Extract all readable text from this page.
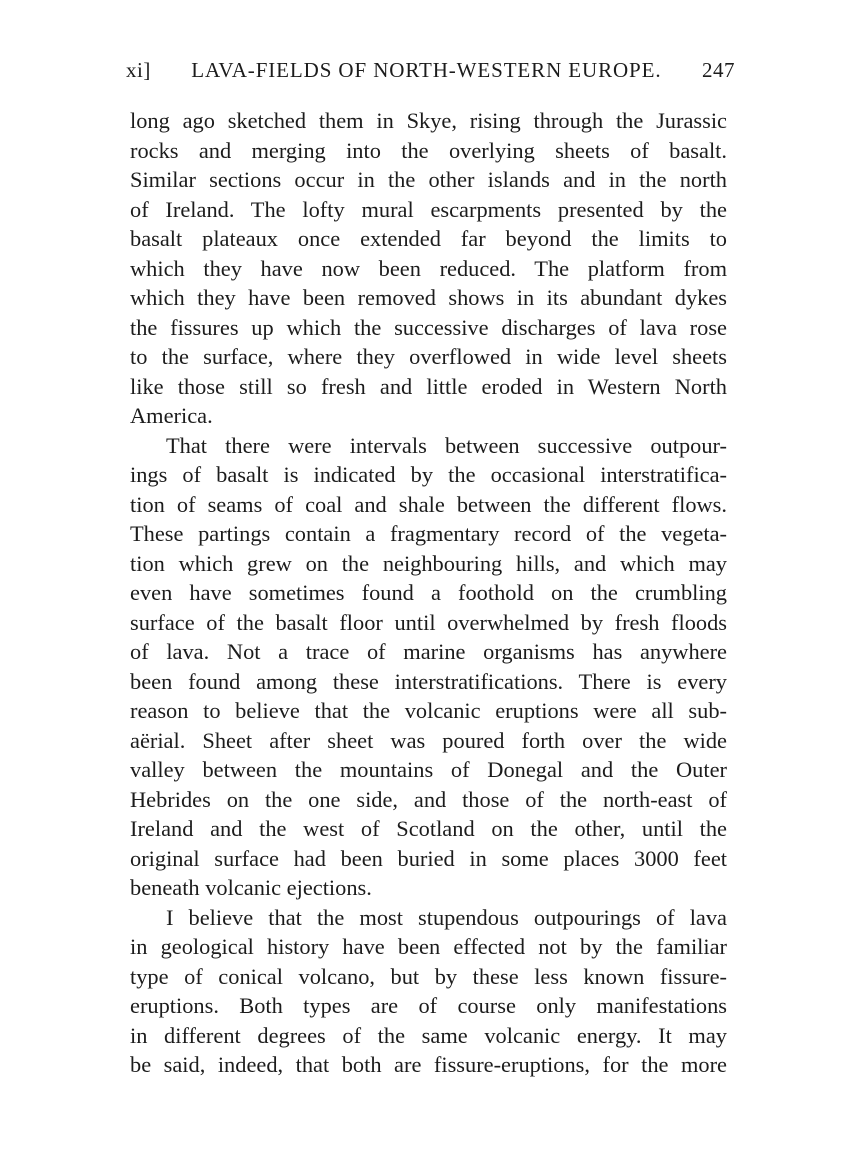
xi] LAVA-FIELDS OF NORTH-WESTERN EUROPE. 247

long ago sketched them in Skye, rising through the Jurassic
rocks and merging into the overlying sheets of basalt.
Similar sections occur in the other islands and in the north
of Ireland. The lofty mural escarpments presented by the
basalt plateaux once extended far beyond the limits to
which they have now been reduced. The platform from
which they have been removed shows in its abundant dykes
the fissures up which the successive discharges of lava rose
to the surface, where they overflowed in wide level sheets
like those still so fresh and little eroded in Western North
America.

That there were intervals between successive outpour-
ings of basalt is indicated by the occasional interstratifica-
tion of seams of coal and shale between the different flows.
These partings contain a fragmentary record of the vegeta-
tion which grew on the neighbouring hills, and which may
even have sometimes found a foothold on the crumbling
surface of the basalt floor until overwhelmed by fresh floods
of lava. Not a trace of marine organisms has anywhere
been found among these interstratifications. There is every
reason to believe that the volcanic eruptions were all sub-
aërial. Sheet after sheet was poured forth over the wide
valley between the mountains of Donegal and the Outer
Hebrides on the one side, and those of the north-east of
Ireland and the west of Scotland on the other, until the
original surface had been buried in some places 3000 feet
beneath volcanic ejections.

I believe that the most stupendous outpourings of lava
in geological history have been effected not by the familiar
type of conical volcano, but by these less known fissure-
eruptions. Both types are of course only manifestations
in different degrees of the same volcanic energy. It may
be said, indeed, that both are fissure-eruptions, for the more
